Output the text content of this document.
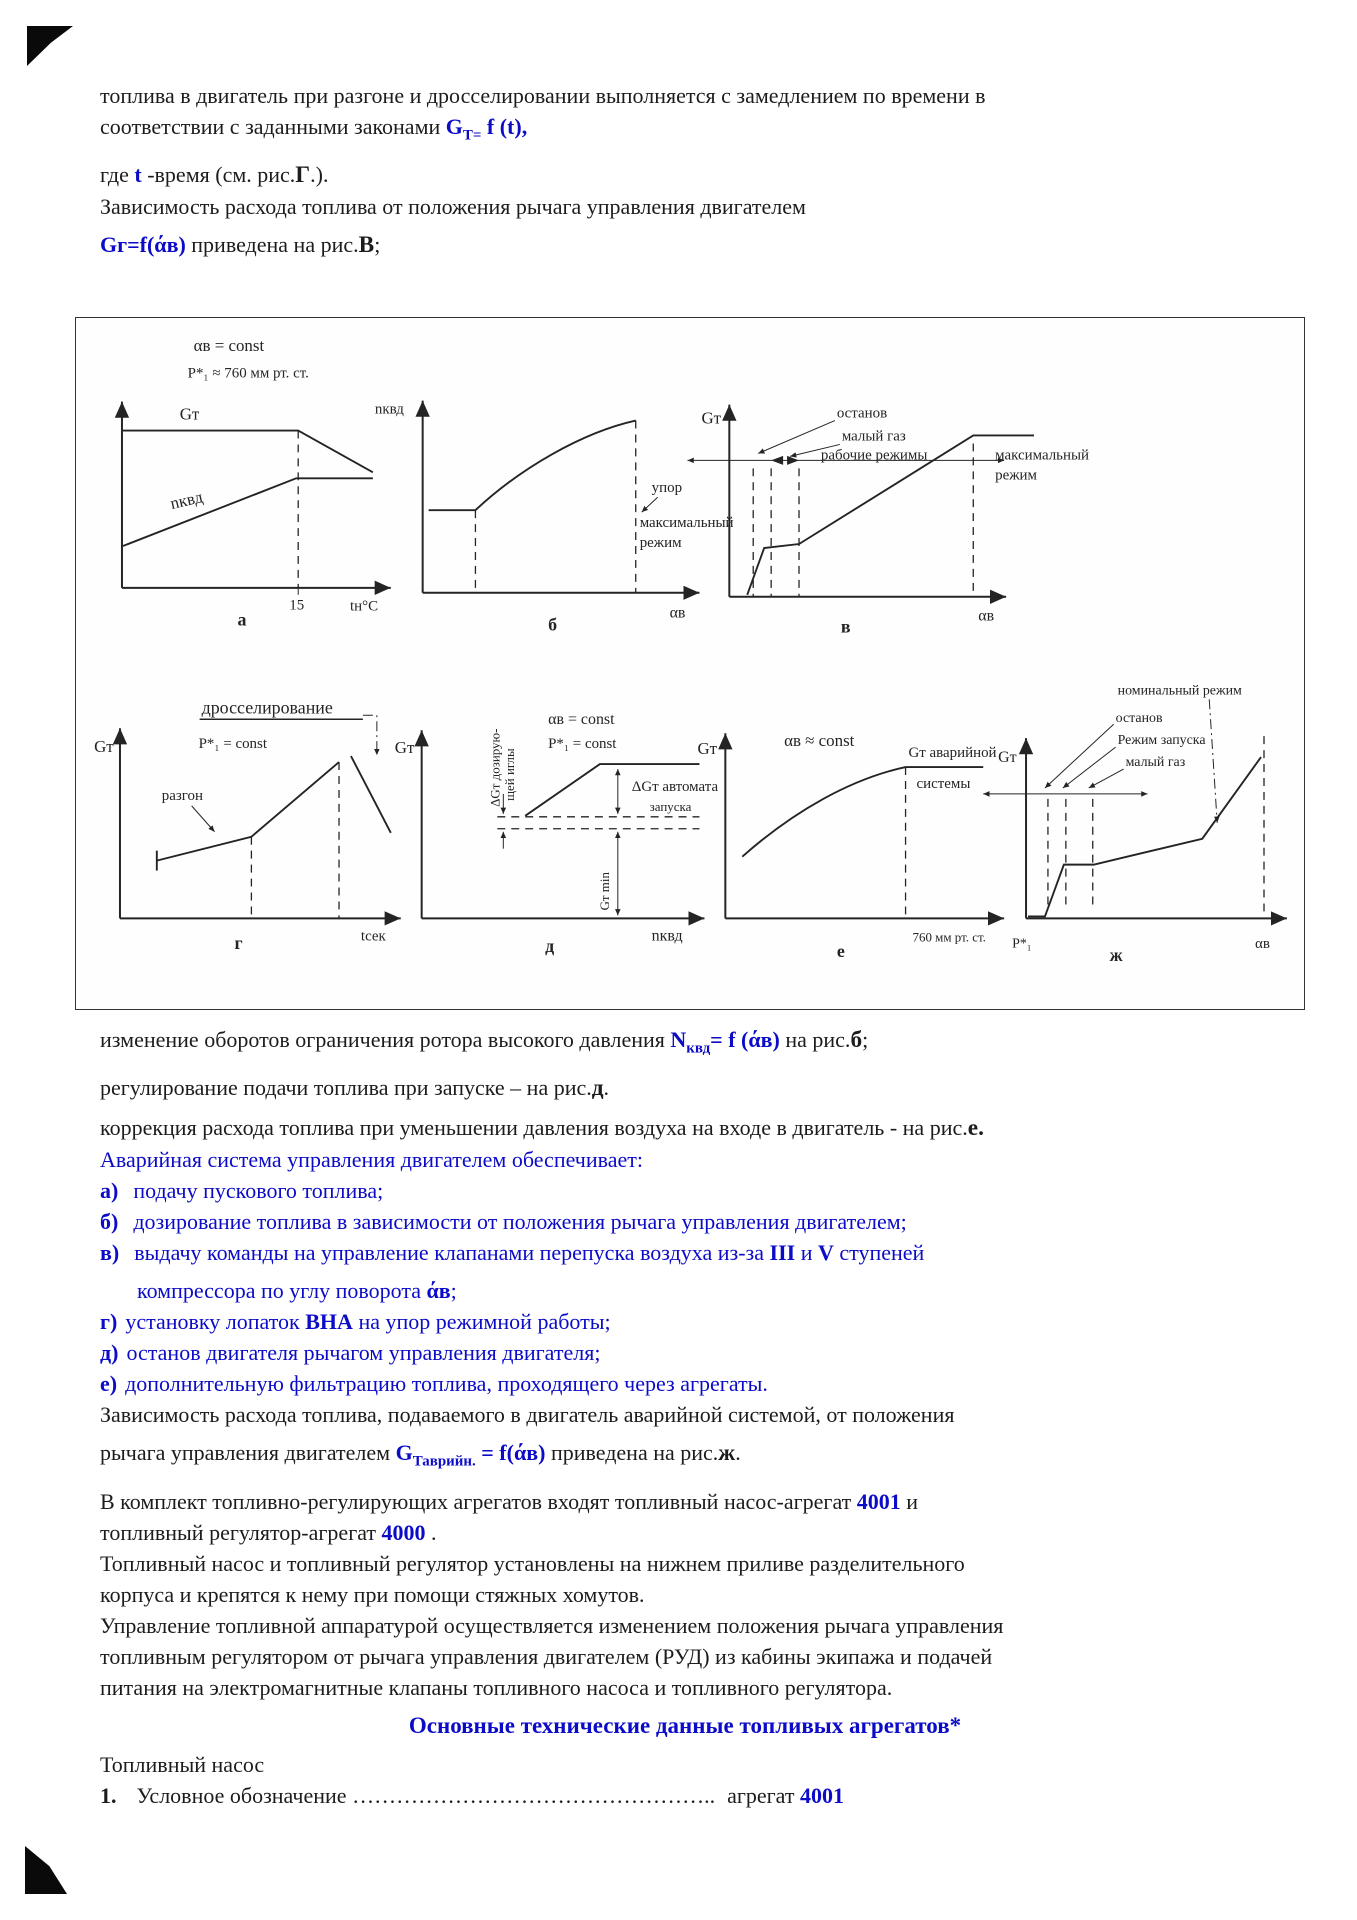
топлива в двигатель при разгоне и дросселировании выполняется с замедлением по времени в
соответствии с заданными законами $G_{Т=}$ f (t),
где t -время (см. рис.Г.).
Зависимость расхода топлива от положения рычага управления двигателем
Gг=f(άв) приведена на рис.В;
αв = const
P*₁ ≈ 760 мм рт. ст.
Gт
nквд
15	tн°C
а
nквд
упор
максимальный
режим
αв
б
Gт	останов
малый газ
рабочие режимы	максимальный
режим
αв
в
Gт
дросселирование
P*₁ = const
разгон
tсек
г
Gт
αв = const
P*₁ = const
ΔGт дозирую- щей иглы	ΔGт автомата
запуска
Gт min
nквд
д
Gт	αв ≈ const
Gт аварийной
системы
760 мм рт. ст.
е	P*₁
Gт
номинальный режим
останов
Режим запуска
малый газ
αв
ж
изменение оборотов ограничения ротора высокого давления $N_{квд}= f$ (άв) на рис.б;
регулирование подачи топлива при запуске – на рис.д.
коррекция расхода топлива при уменьшении давления воздуха на входе в двигатель - на рис.е.
Аварийная система управления двигателем обеспечивает:
а) подачу пускового топлива;
б) дозирование топлива в зависимости от положения рычага управления двигателем;
в) выдачу команды на управление клапанами перепуска воздуха из-за III и V ступеней
компрессора по углу поворота άв;
г) установку лопаток ВНА на упор режимной работы;
д) останов двигателя рычагом управления двигателя;
е) дополнительную фильтрацию топлива, проходящего через агрегаты.
Зависимость расхода топлива, подаваемого в двигатель аварийной системой, от положения
рычага управления двигателем $G_{Таврийн.} = f(άв)$ приведена на рис.ж.
В комплект топливно-регулирующих агрегатов входят топливный насос-агрегат 4001 и
топливный регулятор-агрегат 4000 .
Топливный насос и топливный регулятор установлены на нижнем приливе разделительного
корпуса и крепятся к нему при помощи стяжных хомутов.
Управление топливной аппаратурой осуществляется изменением положения рычага управления
топливным регулятором от рычага управления двигателем (РУД) из кабины экипажа и подачей
питания на электромагнитные клапаны топливного насоса и топливного регулятора.
Основные технические данные топливых агрегатов*
Топливный насос
1. Условное обозначение ………………………………………….. агрегат 4001
